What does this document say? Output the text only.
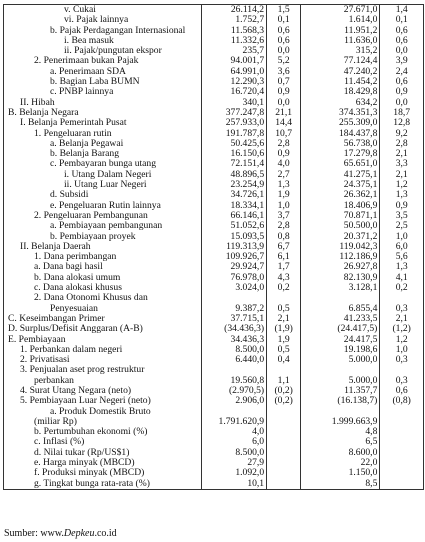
v. Cukai	26.114,2	1,5	27.671,0	1,4
vi. Pajak lainnya	1.752,7	0,1	1.614,0	0,1
b. Pajak Perdagangan Internasional	11.568,3	0,6	11.951,2	0,6
i. Bea masuk	11.332,6	0,6	11.636,0	0,6
ii. Pajak/pungutan ekspor	235,7	0,0	315,2	0,0
2. Penerimaan bukan Pajak	94.001,7	5,2	77.124,4	3,9
a. Penerimaan SDA	64.991,0	3,6	47.240,2	2,4
b. Bagian Laba BUMN	12.290,3	0,7	11.454,2	0,6
c. PNBP lainnya	16.720,4	0,9	18.429,8	0,9
II. Hibah	340,1	0,0	634,2	0,0
B. Belanja Negara	377.247,8	21,1	374.351,3	18,7
I. Belanja Pemerintah Pusat	257.933,0	14,4	255.309,0	12,8
1. Pengeluaran rutin	191.787,8	10,7	184.437,8	9,2
a. Belanja Pegawai	50.425,6	2,8	56.738,0	2,8
b. Belanja Barang	16.150,6	0,9	17.279,8	2,1
c. Pembayaran bunga utang	72.151,4	4,0	65.651,0	3,3
i. Utang Dalam Negeri	48.896,5	2,7	41.275,1	2,1
ii. Utang Luar Negeri	23.254,9	1,3	24.375,1	1,2
d. Subsidi	34.726,1	1,9	26.362,1	1,3
e. Pengeluaran Rutin lainnya	18.334,1	1,0	18.406,9	0,9
2. Pengeluaran Pembangunan	66.146,1	3,7	70.871,1	3,5
a. Pembiayaan pembangunan	51.052,6	2,8	50.500,0	2,5
b. Pembiayaan proyek	15.093,5	0,8	20.371,2	1,0
II. Belanja Daerah	119.313,9	6,7	119.042,3	6,0
1. Dana perimbangan	109.926,7	6,1	112.186,9	5,6
a. Dana bagi hasil	29.924,7	1,7	26.927,8	1,3
b. Dana alokasi umum	76.978,0	4,3	82.130,9	4,1
c. Dana alokasi khusus	3.024,0	0,2	3.128,1	0,2
2. Dana Otonomi Khusus dan				
Penyesuaian	9.387,2	0,5	6.855,4	0,3
C. Keseimbangan Primer	37.715,1	2,1	41.233,5	2,1
D. Surplus/Defisit Anggaran (A-B)	(34.436,3)	(1,9)	(24.417,5)	(1,2)
E. Pembiayaan	34.436,3	1,9	24.417,5	1,2
1. Perbankan dalam negeri	8.500,0	0,5	19.198,6	1,0
2. Privatisasi	6.440,0	0,4	5.000,0	0,3
3. Penjualan aset prog restruktur				
perbankan	19.560,8	1,1	5.000,0	0,3
4. Surat Utang Negara (neto)	(2.970,5)	(0,2)	11.357,7	0,6
5. Pembiayaan Luar Negeri (neto)	2.906,0	(0,2)	(16.138,7)	(0,8)
a. Produk Domestik Bruto				
(miliar Rp)	1.791.620,9		1.999.663,9	
b. Pertumbuhan ekonomi (%)	4,0		4,8	
c. Inflasi (%)	6,0		6,5	
d. Nilai tukar (Rp/US$1)	8.500,0		8.600,0	
e. Harga minyak (MBCD)	27,9		22,0	
f. Produksi minyak (MBCD)	1.092,0		1.150,0	
g. Tingkat bunga rata-rata (%)	10,1		8,5	
Sumber: www.Depkeu.co.id
